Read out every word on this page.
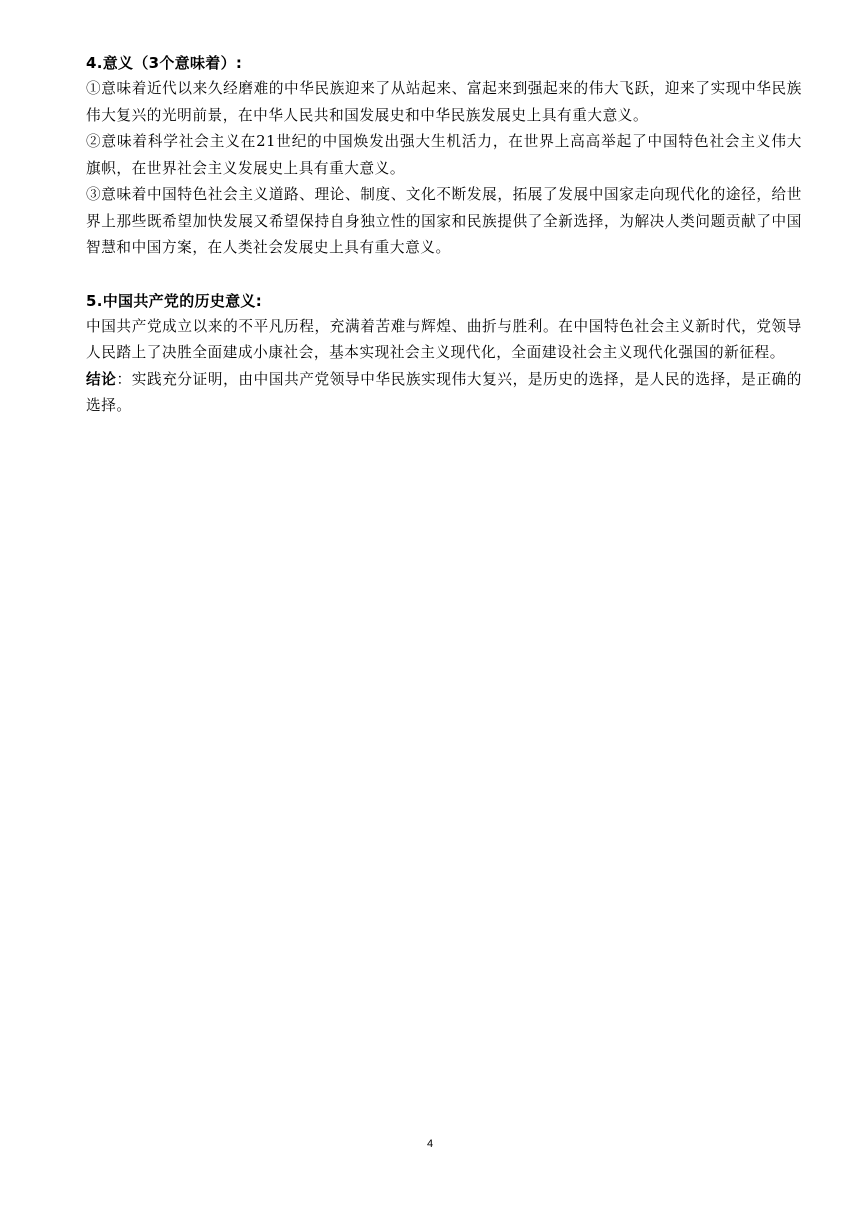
4.意义（3个意味着）:

①意味着近代以来久经磨难的中华民族迎来了从站起来、富起来到强起来的伟大飞跃，迎来了实现中华民族伟大复兴的光明前景，在中华人民共和国发展史和中华民族发展史上具有重大意义。

②意味着科学社会主义在21世纪的中国焕发出强大生机活力，在世界上高高举起了中国特色社会主义伟大旗帜，在世界社会主义发展史上具有重大意义。

③意味着中国特色社会主义道路、理论、制度、文化不断发展，拓展了发展中国家走向现代化的途径，给世界上那些既希望加快发展又希望保持自身独立性的国家和民族提供了全新选择，为解决人类问题贡献了中国智慧和中国方案，在人类社会发展史上具有重大意义。

5.中国共产党的历史意义:

中国共产党成立以来的不平凡历程，充满着苦难与辉煌、曲折与胜利。在中国特色社会主义新时代，党领导人民踏上了决胜全面建成小康社会，基本实现社会主义现代化，全面建设社会主义现代化强国的新征程。

结论：实践充分证明，由中国共产党领导中华民族实现伟大复兴，是历史的选择，是人民的选择，是正确的选择。

4
